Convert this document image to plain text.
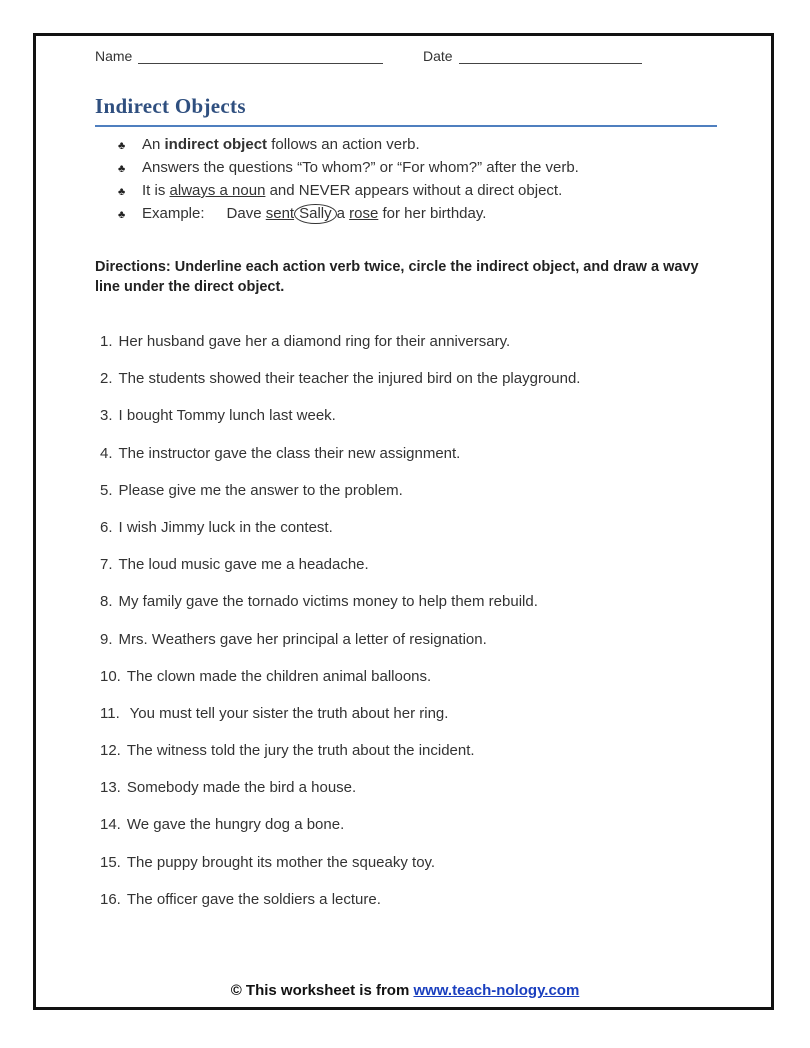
Name	Date
Indirect Objects
♣ An indirect object follows an action verb.
♣ Answers the questions “To whom?” or “For whom?” after the verb.
♣ It is always a noun and NEVER appears without a direct object.
♣ Example: Dave sent Sally a rose for her birthday.
Directions: Underline each action verb twice, circle the indirect object, and draw a wavy line under the direct object.
1. Her husband gave her a diamond ring for their anniversary.
2. The students showed their teacher the injured bird on the playground.
3. I bought Tommy lunch last week.
4. The instructor gave the class their new assignment.
5. Please give me the answer to the problem.
6. I wish Jimmy luck in the contest.
7. The loud music gave me a headache.
8. My family gave the tornado victims money to help them rebuild.
9. Mrs. Weathers gave her principal a letter of resignation.
10. The clown made the children animal balloons.
11. You must tell your sister the truth about her ring.
12. The witness told the jury the truth about the incident.
13. Somebody made the bird a house.
14. We gave the hungry dog a bone.
15. The puppy brought its mother the squeaky toy.
16. The officer gave the soldiers a lecture.
© This worksheet is from www.teach-nology.com
